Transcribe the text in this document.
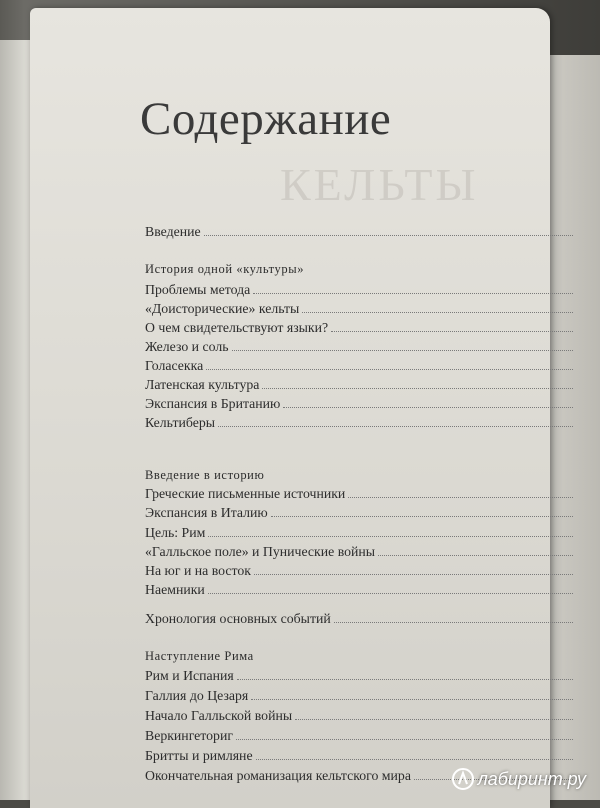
КЕЛЬТЫ
Содержание
Введение
История одной «культуры»
Проблемы метода
«Доисторические» кельты
О чем свидетельствуют языки?
Железо и соль
Голасекка
Латенская культура
Экспансия в Британию
Кельтиберы
Введение в историю
Греческие письменные источники
Экспансия в Италию
Цель: Рим
«Галльское поле» и Пунические войны
На юг и на восток
Наемники
Хронология основных событий
Наступление Рима
Рим и Испания
Галлия до Цезаря
Начало Галльской войны
Веркингеториг
Бритты и римляне
Окончательная романизация кельтского мира	лабиринт.ру
